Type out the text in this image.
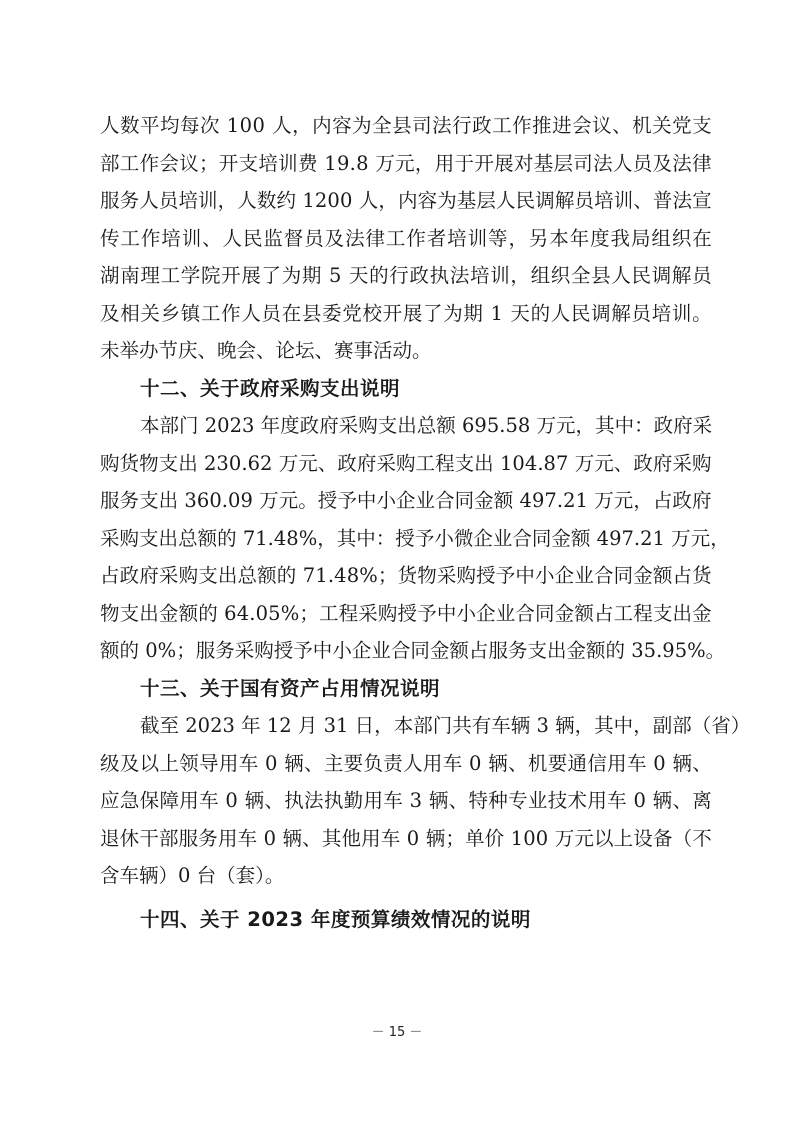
人 数 平 均 每 次
1 0 0
人 ， 内 容 为 全 县 司 法 行 政 工 作 推 进 会 议 、 机 关 党 支
部 工 作 会 议 ； 开 支 培 训 费
1 9 . 8
万 元 ， 用 于 开 展 对 基 层 司 法 人 员 及 法 律
服 务 人 员 培 训 ， 人 数 约
1 2 0 0
人 ， 内 容 为 基 层 人 民 调 解 员 培 训 、 普 法 宣
传 工 作 培 训 、 人 民 监 督 员 及 法 律 工 作 者 培 训 等 ， 另 本 年 度 我 局 组 织 在
湖 南 理 工 学 院 开 展 了 为 期
5
天 的 行 政 执 法 培 训 ， 组 织 全 县 人 民 调 解 员
及 相 关 乡 镇 工 作 人 员 在 县 委 党 校 开 展 了 为 期
1
天 的 人 民 调 解 员 培 训 。
未举办节庆、晚会、论坛、赛事活动。
十二、关于政府采购支出说明
本 部 门
2 0 2 3
年 度 政 府 采 购 支 出 总 额
6 9 5 . 5 8
万 元 ， 其 中 ： 政 府 采
购 货 物 支 出
2 3 0 . 6 2
万 元 、 政 府 采 购 工 程 支 出
1 0 4 . 8 7
万 元 、 政 府 采 购
服 务 支 出
3 6 0 . 0 9
万 元 。 授 予 中 小 企 业 合 同 金 额
4 9 7 . 2 1
万 元 ， 占 政 府
采 购 支 出 总 额 的
7 1 . 4 8 % ， 其 中 ： 授 予 小 微 企 业 合 同 金 额
4 9 7 . 2 1
万 元 ，
占 政 府 采 购 支 出 总 额 的
7 1 . 4 8 % ； 货 物 采 购 授 予 中 小 企 业 合 同 金 额 占 货
物 支 出 金 额 的
6 4 . 0 5 % ； 工 程 采 购 授 予 中 小 企 业 合 同 金 额 占 工 程 支 出 金
额 的
0 % ； 服 务 采 购 授 予 中 小 企 业 合 同 金 额 占 服 务 支 出 金 额 的
3 5 . 9 5 % 。
十三、关于国有资产占用情况说明
截 至
2 0 2 3
年
1 2
月
3 1
日 ， 本 部 门 共 有 车 辆
3
辆 ， 其 中 ， 副 部 （ 省 ）
级 及 以 上 领 导 用 车
0
辆 、 主 要 负 责 人 用 车
0
辆 、 机 要 通 信 用 车
0
辆 、
应 急 保 障 用 车
0
辆 、 执 法 执 勤 用 车
3
辆 、 特 种 专 业 技 术 用 车
0
辆 、 离
退 休 干 部 服 务 用 车
0
辆 、 其 他 用 车
0
辆 ； 单 价
1 0 0
万 元 以 上 设 备 （ 不
含车辆）0 台（套）。
十四、关于 2023 年度预算绩效情况的说明
－ 15 －
